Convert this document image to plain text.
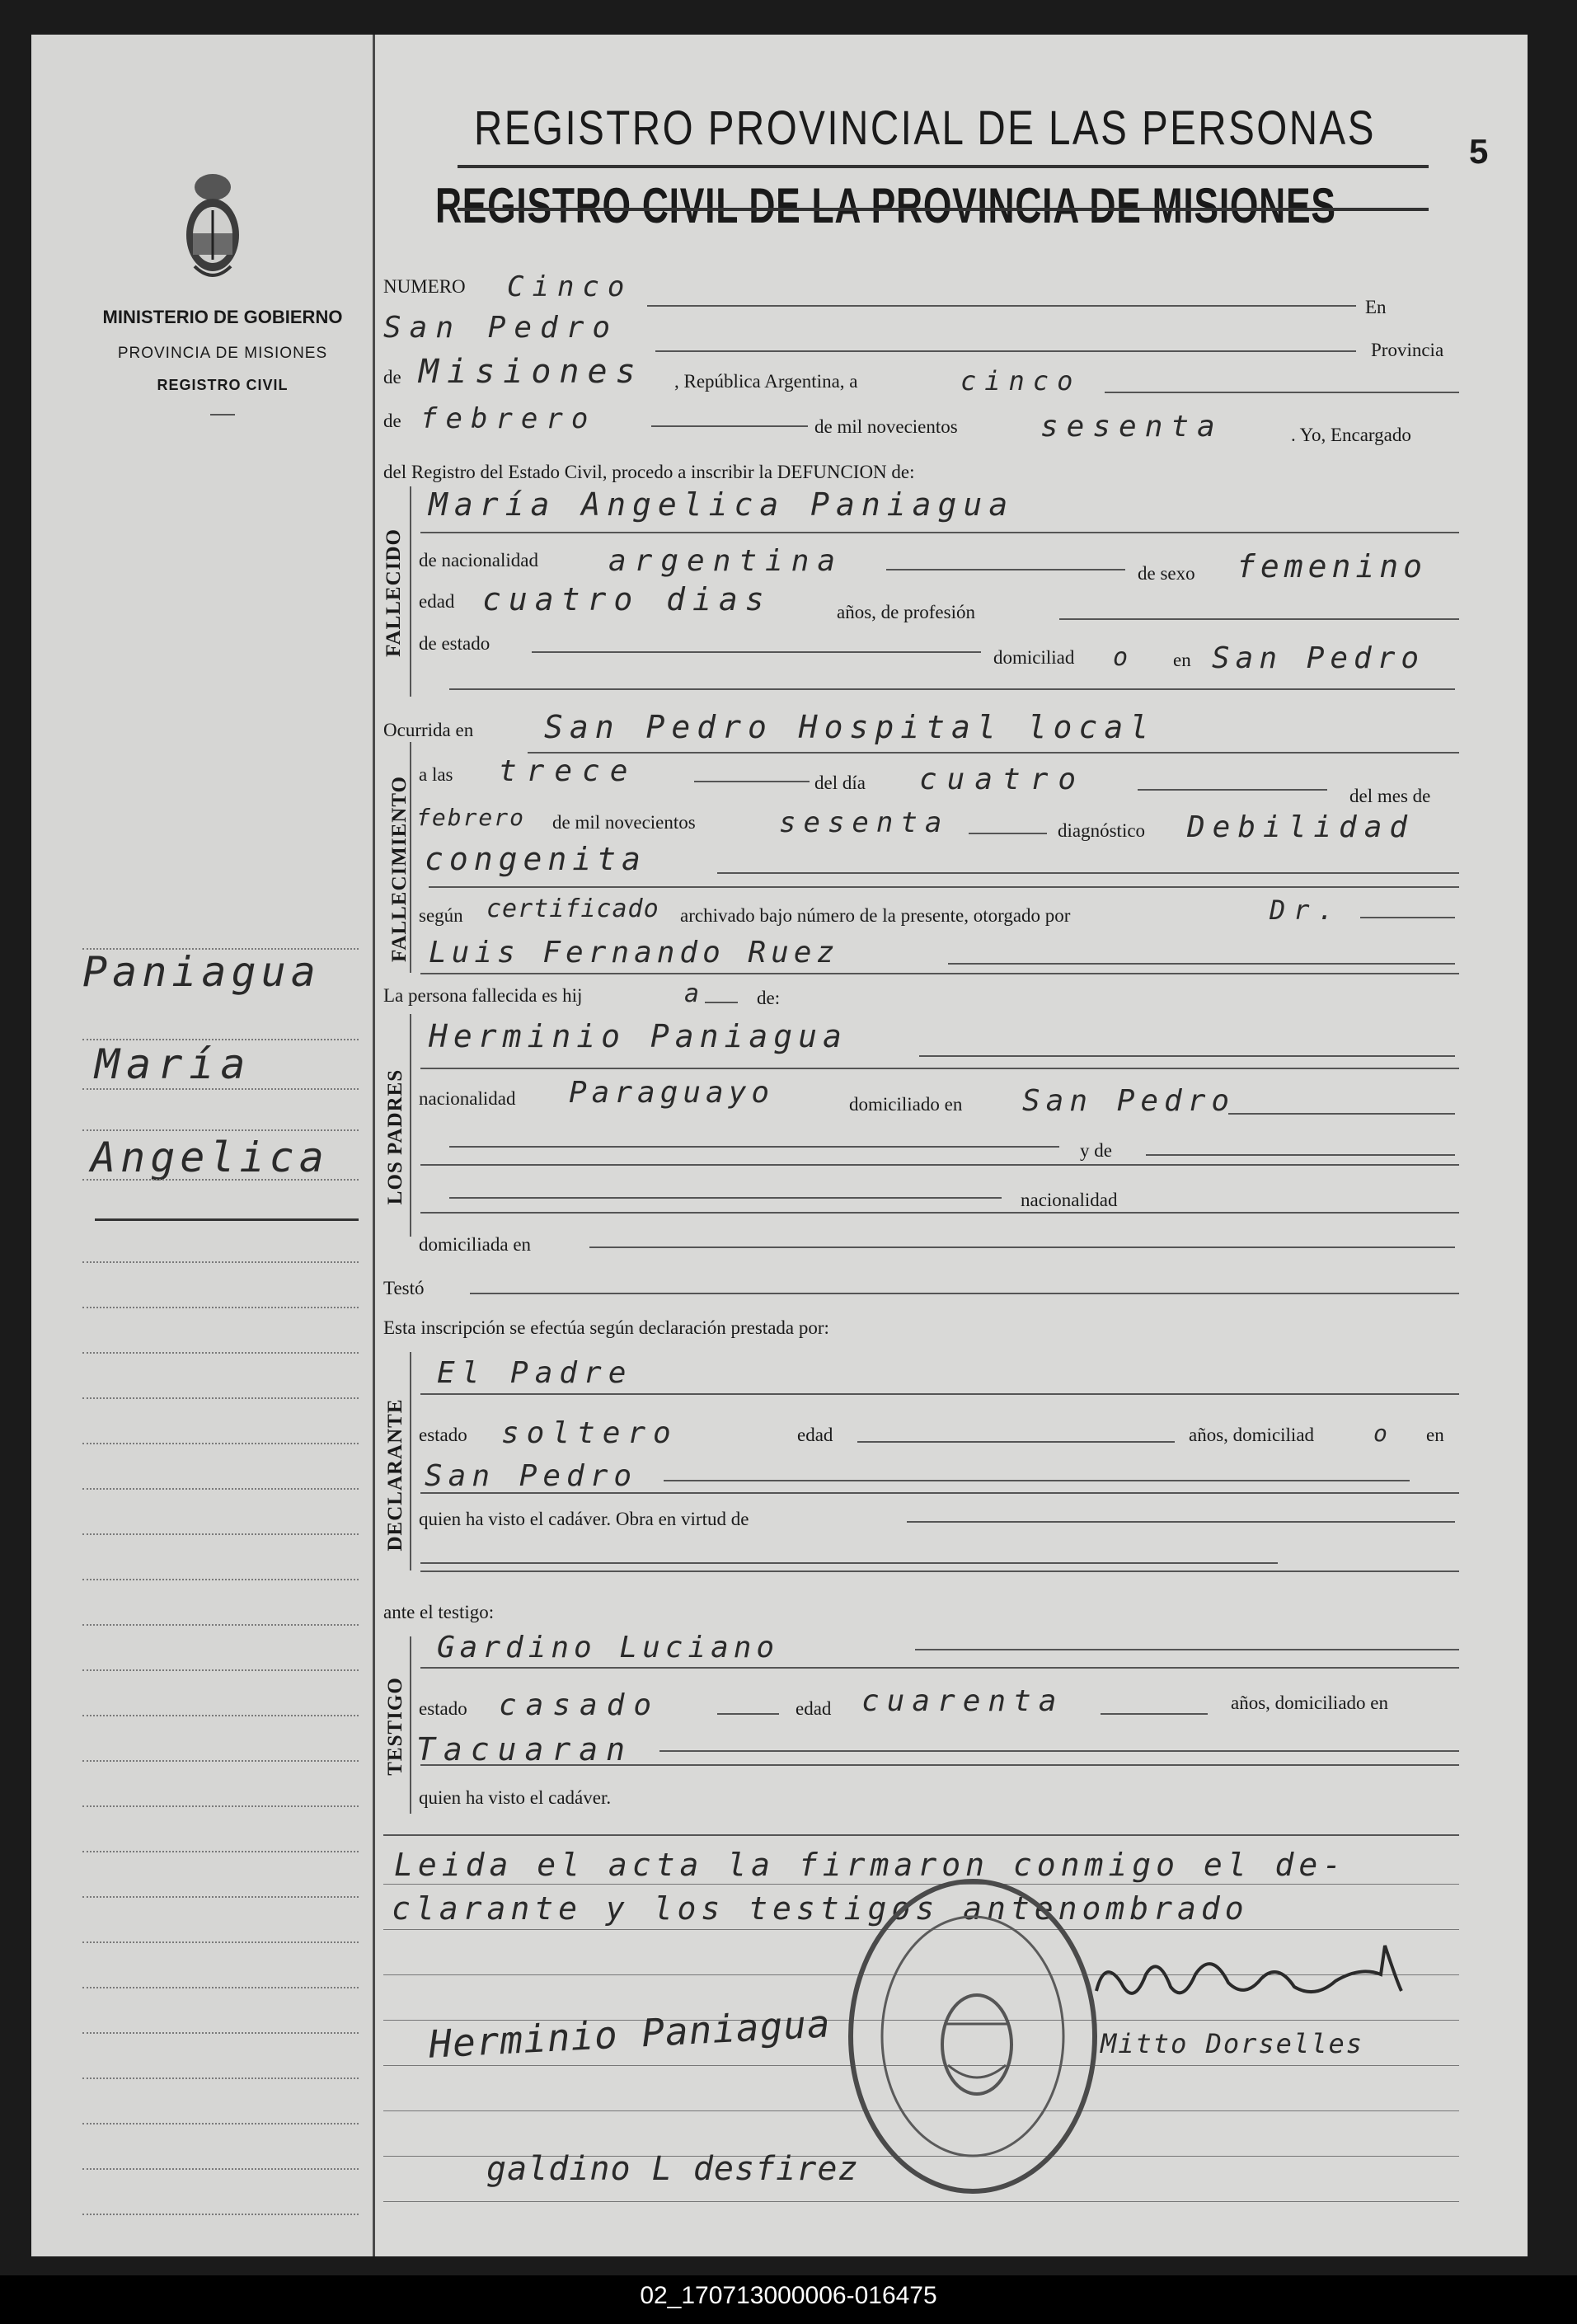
MINISTERIO DE GOBIERNO
PROVINCIA DE MISIONES
REGISTRO CIVIL
Paniagua
María
Angelica
REGISTRO PROVINCIAL DE LAS PERSONAS
REGISTRO CIVIL DE LA PROVINCIA DE MISIONES
5
NUMERO Cinco
En
San Pedro
Provincia
de Misiones , República Argentina, a	cinco
de febrero	de mil novecientos	sesenta	. Yo, Encargado
del Registro del Estado Civil, procedo a inscribir la DEFUNCION de:
FALLECIDO
María Angelica Paniagua
de nacionalidad argentina	de sexo femenino
edad cuatro dias	años, de profesión
de estado
domiciliad o en San Pedro
FALLECIMIENTO
Ocurrida en San Pedro Hospital local
a las trece	del día cuatro	del mes de
febrero de mil novecientos	sesenta	diagnóstico Debilidad
congenita
según certificado archivado bajo número de la presente, otorgado por	Dr.
Luis Fernando Ruez
La persona fallecida es hij	a	de:
LOS PADRES
Herminio Paniagua
nacionalidad Paraguayo	domiciliado en San Pedro
y de
nacionalidad
domiciliada en
Testó
Esta inscripción se efectúa según declaración prestada por:
DECLARANTE
El Padre
estado soltero	edad	años, domiciliad	o en
San Pedro
quien ha visto el cadáver. Obra en virtud de
ante el testigo:
TESTIGO
Gardino Luciano
estado casado	edad cuarenta	años, domiciliado en
Tacuaran
quien ha visto el cadáver.
Leida el acta la firmaron conmigo el de-
clarante y los testigos antenombrado
Herminio Paniagua	Mitto Dorselles
galdino L desfirez
02_170713000006-016475
